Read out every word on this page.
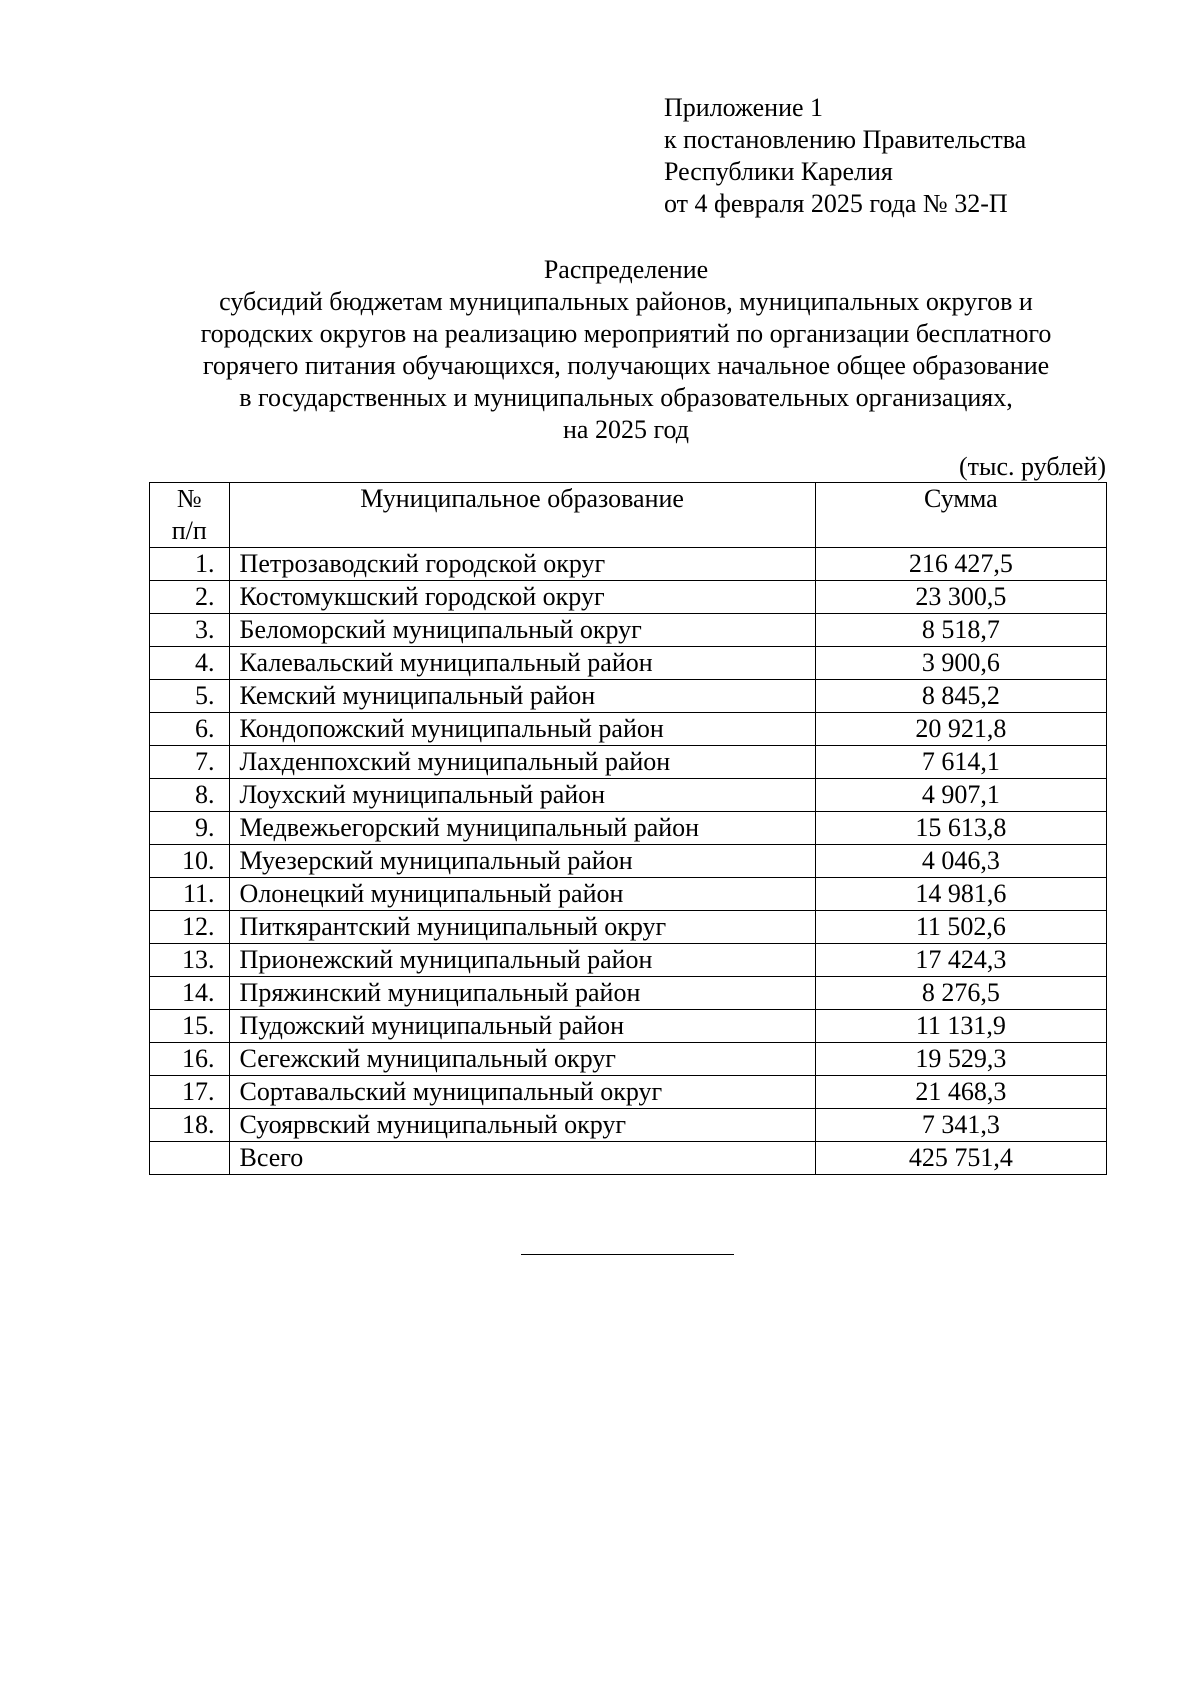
Приложение 1
к постановлению Правительства
Республики Карелия
от 4 февраля 2025 года № 32-П
Распределение
субсидий бюджетам муниципальных районов, муниципальных округов и
городских округов на реализацию мероприятий по организации бесплатного
горячего питания обучающихся, получающих начальное общее образование
в государственных и муниципальных образовательных организациях,
на 2025 год
(тыс. рублей)
№
п/п	Муниципальное образование	Сумма
1.	Петрозаводский городской округ	216 427,5
2.	Костомукшский городской округ	23 300,5
3.	Беломорский муниципальный округ	8 518,7
4.	Калевальский муниципальный район	3 900,6
5.	Кемский муниципальный район	8 845,2
6.	Кондопожский муниципальный район	20 921,8
7.	Лахденпохский муниципальный район	7 614,1
8.	Лоухский муниципальный район	4 907,1
9.	Медвежьегорский муниципальный район	15 613,8
10.	Муезерский муниципальный район	4 046,3
11.	Олонецкий муниципальный район	14 981,6
12.	Питкярантский муниципальный округ	11 502,6
13.	Прионежский муниципальный район	17 424,3
14.	Пряжинский муниципальный район	8 276,5
15.	Пудожский муниципальный район	11 131,9
16.	Сегежский муниципальный округ	19 529,3
17.	Сортавальский муниципальный округ	21 468,3
18.	Суоярвский муниципальный округ	7 341,3
	Всего	425 751,4
